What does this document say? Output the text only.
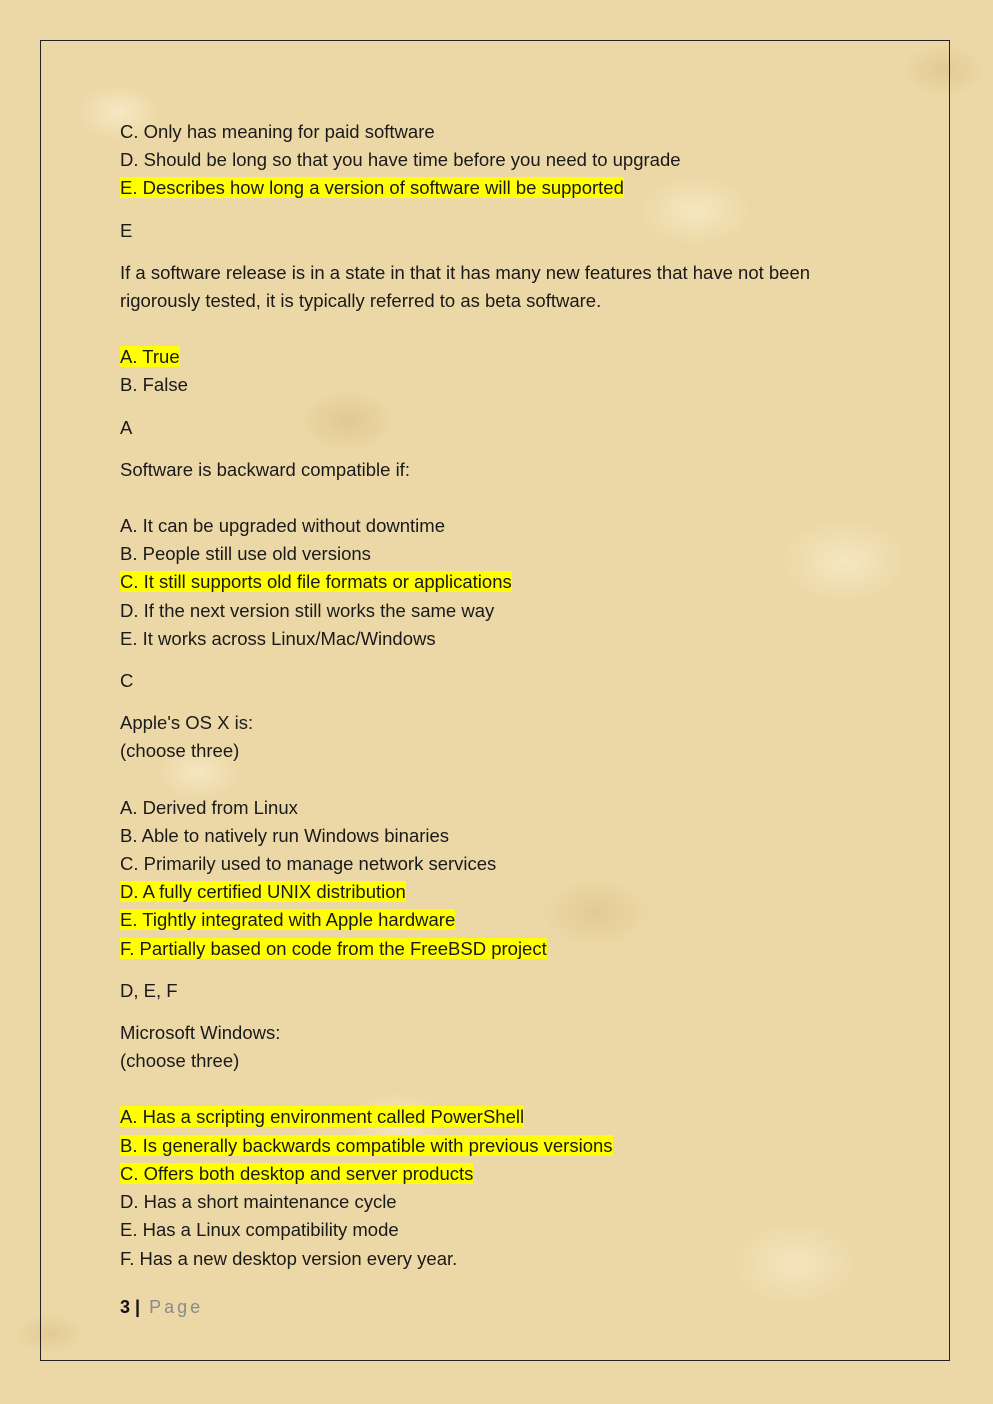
C. Only has meaning for paid software
D. Should be long so that you have time before you need to upgrade
E. Describes how long a version of software will be supported
E
If a software release is in a state in that it has many new features that have not been rigorously tested, it is typically referred to as beta software.
A. True
B. False
A
Software is backward compatible if:
A. It can be upgraded without downtime
B. People still use old versions
C. It still supports old file formats or applications
D. If the next version still works the same way
E. It works across Linux/Mac/Windows
C
Apple's OS X is:
(choose three)
A. Derived from Linux
B. Able to natively run Windows binaries
C. Primarily used to manage network services
D. A fully certified UNIX distribution
E. Tightly integrated with Apple hardware
F. Partially based on code from the FreeBSD project
D, E, F
Microsoft Windows:
(choose three)
A. Has a scripting environment called PowerShell
B. Is generally backwards compatible with previous versions
C. Offers both desktop and server products
D. Has a short maintenance cycle
E. Has a Linux compatibility mode
F. Has a new desktop version every year.
3 | Page
